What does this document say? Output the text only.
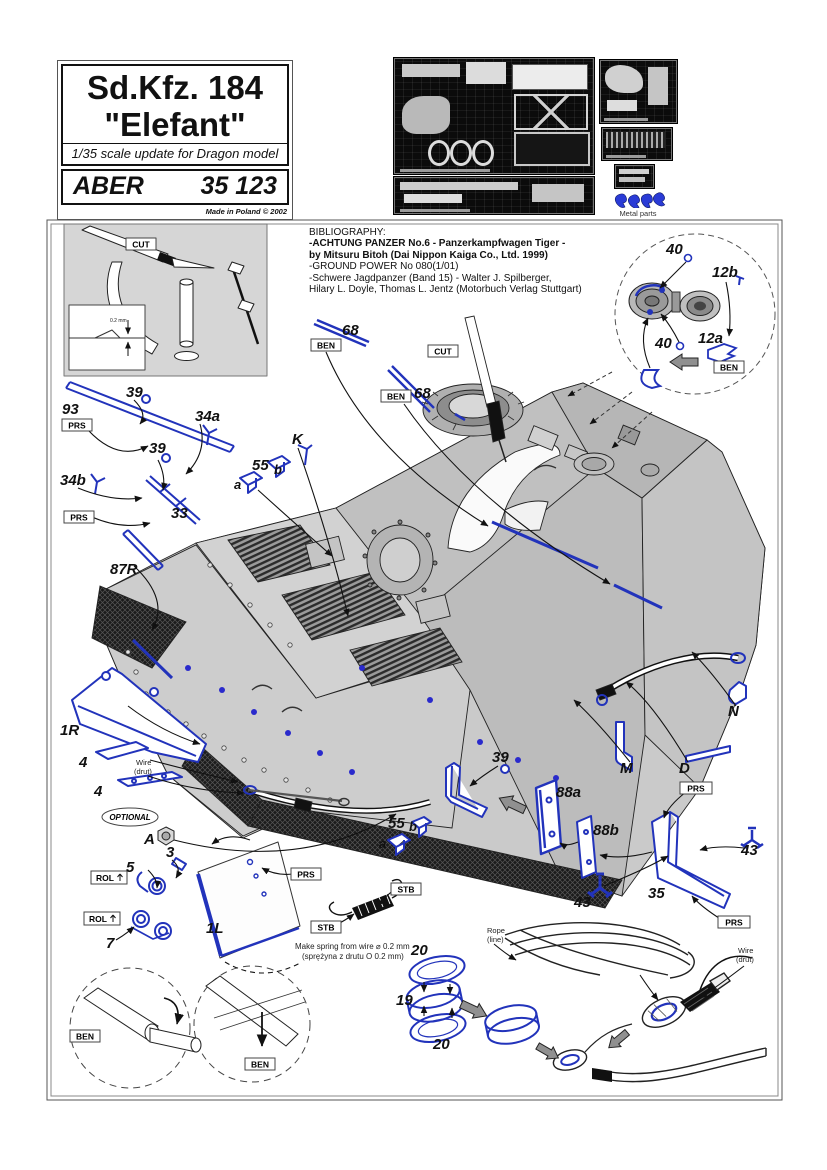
Sd.Kfz. 184
"Elefant"
1/35 scale update for Dragon model
ABER 35 123
Made in Poland © 2002	Metal parts
BIBLIOGRAPHY:
-ACHTUNG PANZER No.6 - Panzerkampfwagen Tiger -
by Mitsuru Bitoh (Dai Nippon Kaiga Co., Ltd. 1999)
-GROUND POWER No 080(1/01)
-Schwere Jagdpanzer (Band 15) - Walter J. Spilberger,
Hilary L. Doyle, Thomas L. Jentz (Motorbuch Verlag Stuttgart)
0.2 mm
CUT
BEN
PRS
PRS
PRS
PRS
PRS
BEN
BEN
BEN
BEN
CUT
STB
STB
ROL
ROL
OPTIONAL
93
39
34a
39
34b
33
87R
55 b
a
K
68
68
40
12b
40 12a
1R
4
4
A
5
3
7
1L
55 b
a
39
88a
88b
35
43
43
20
19
20
M	D
N
Wire
(drut)
Rope
(line)
Wire
(drut)
Make spring from wire ⌀ 0.2 mm
(sprężyna z drutu O 0.2 mm)
